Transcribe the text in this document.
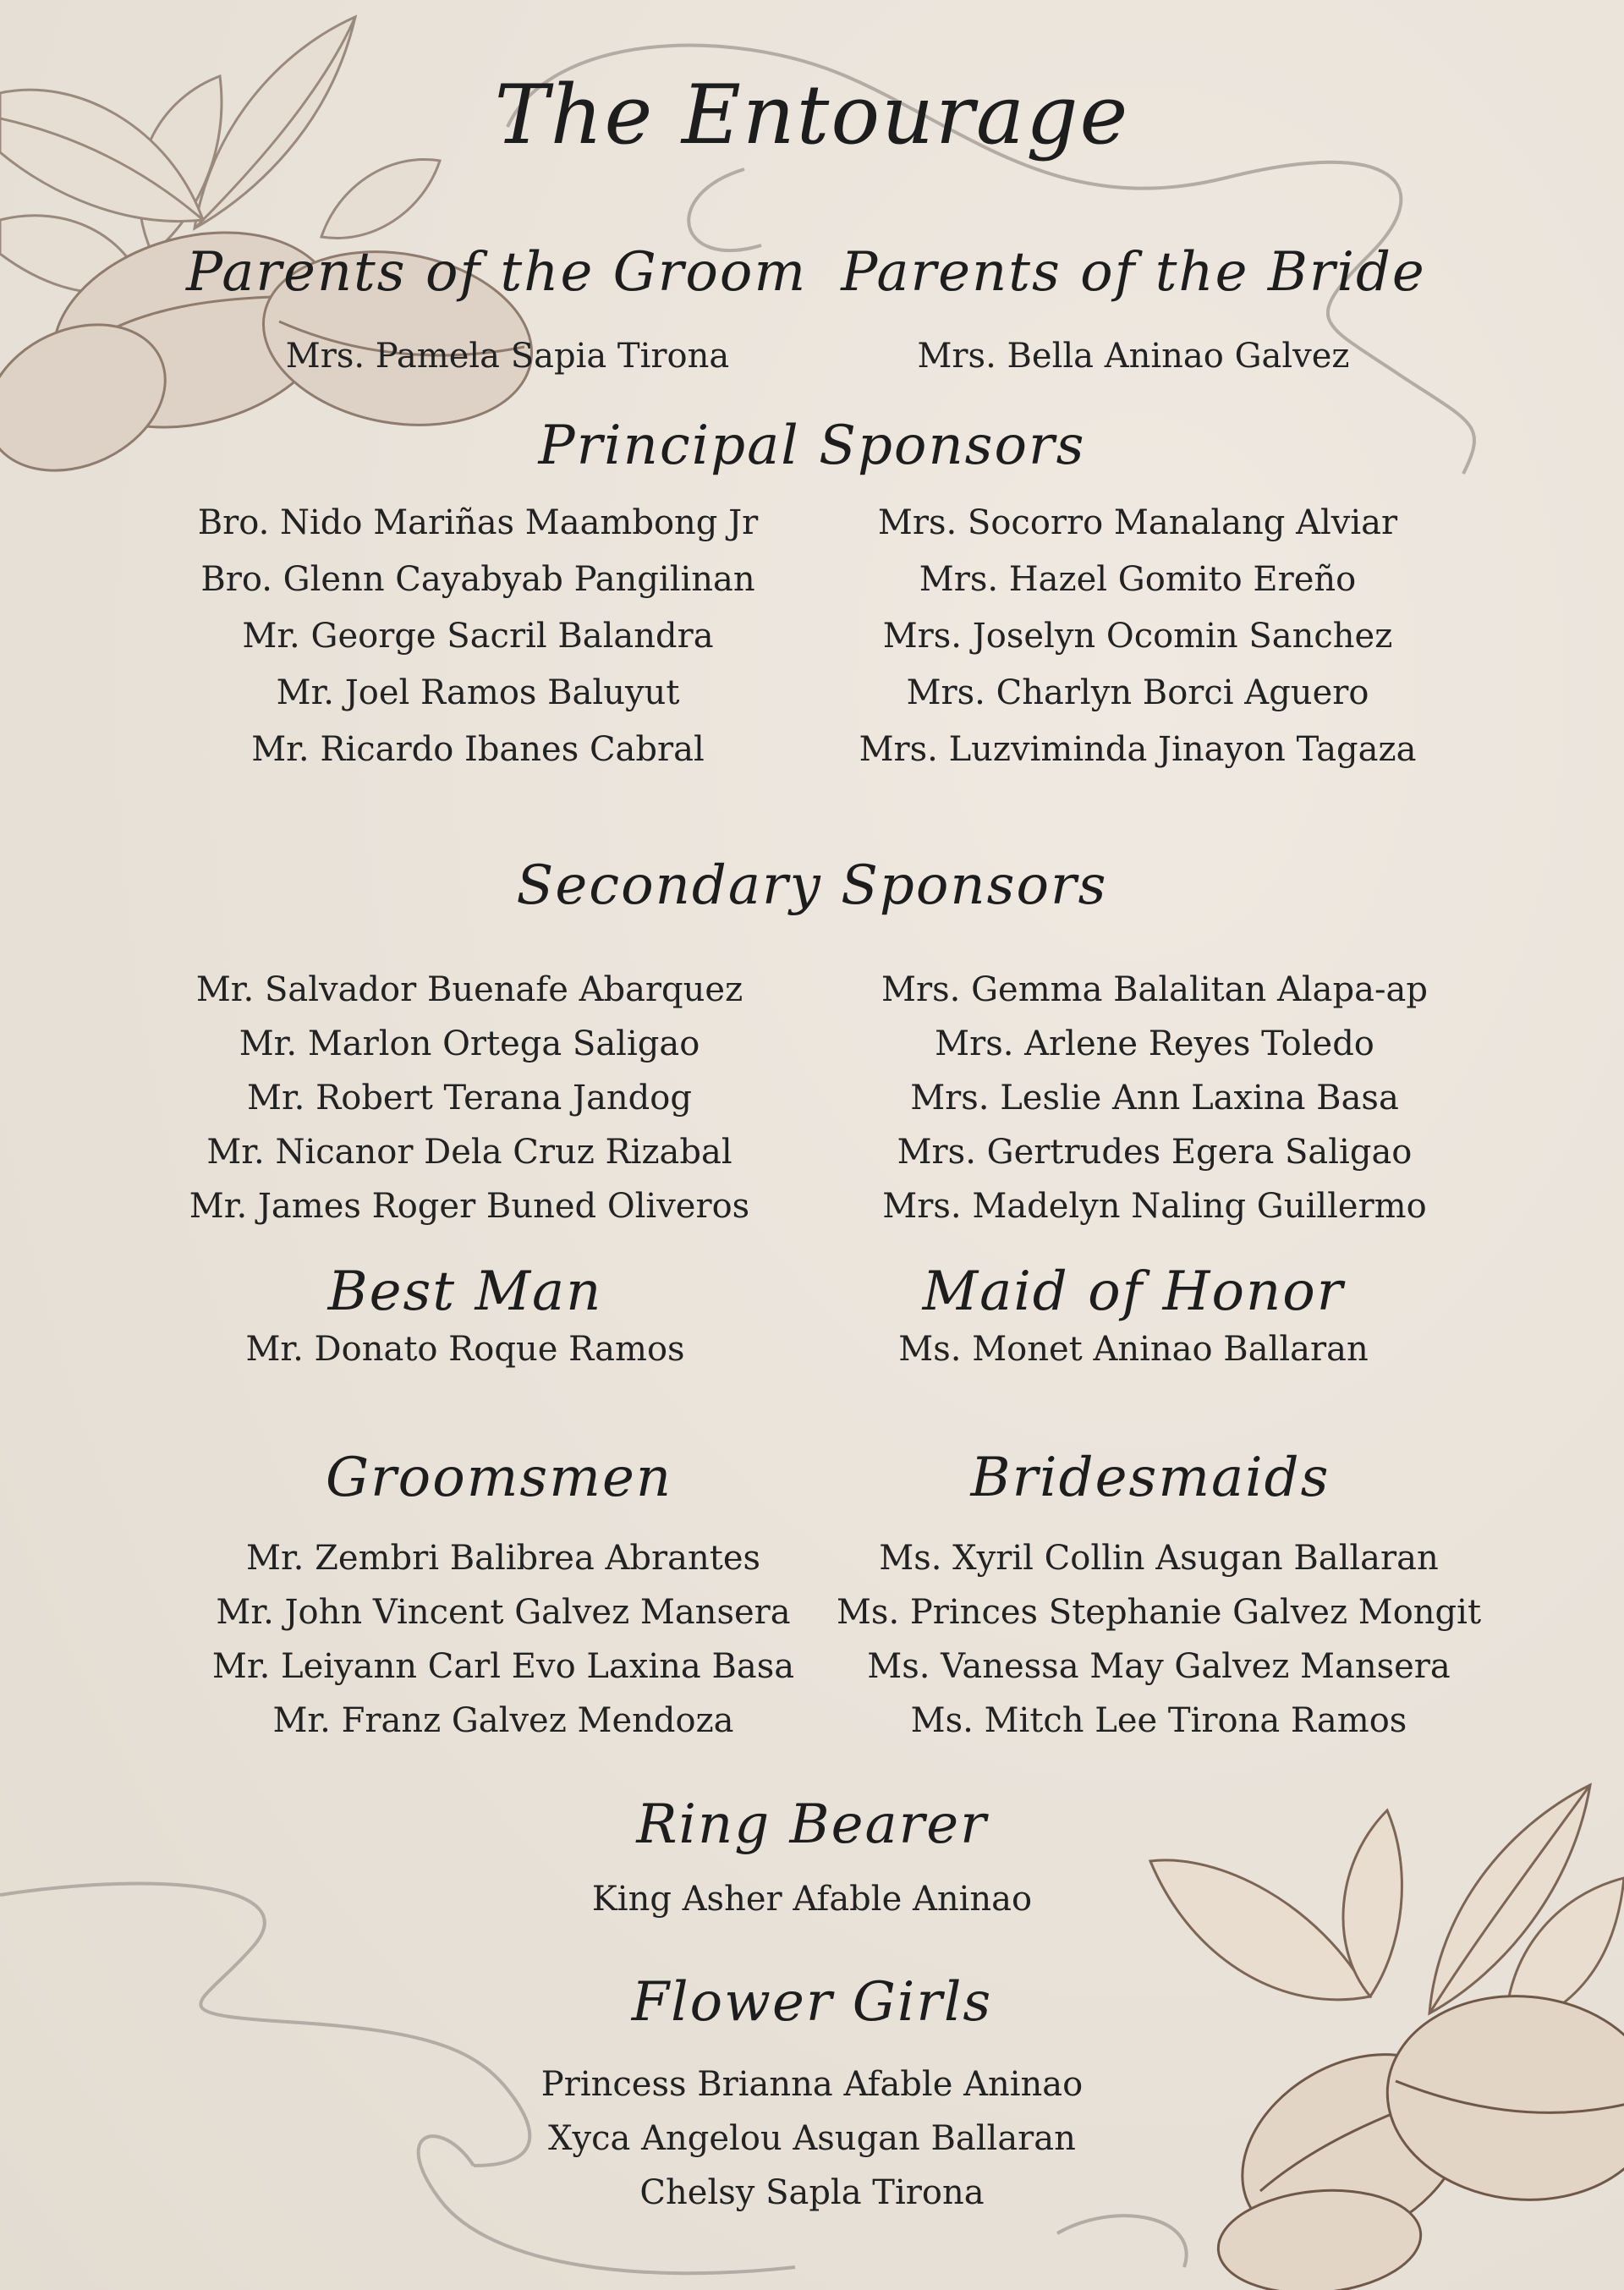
The Entourage
Parents of the Groom
Mrs. Pamela Sapia Tirona
Parents of the Bride
Mrs. Bella Aninao Galvez
Principal Sponsors
Bro. Nido Mariñas Maambong Jr
Bro. Glenn Cayabyab Pangilinan
Mr. George Sacril Balandra
Mr. Joel Ramos Baluyut
Mr. Ricardo Ibanes Cabral
Mrs. Socorro Manalang Alviar
Mrs. Hazel Gomito Ereño
Mrs. Joselyn Ocomin Sanchez
Mrs. Charlyn Borci Aguero
Mrs. Luzviminda Jinayon Tagaza
Secondary Sponsors
Mr. Salvador Buenafe Abarquez
Mr. Marlon Ortega Saligao
Mr. Robert Terana Jandog
Mr. Nicanor Dela Cruz Rizabal
Mr. James Roger Buned Oliveros
Mrs. Gemma Balalitan Alapa-ap
Mrs. Arlene Reyes Toledo
Mrs. Leslie Ann Laxina Basa
Mrs. Gertrudes Egera Saligao
Mrs. Madelyn Naling Guillermo
Best Man
Mr. Donato Roque Ramos
Maid of Honor
Ms. Monet Aninao Ballaran
Groomsmen
Mr. Zembri Balibrea Abrantes
Mr. John Vincent Galvez Mansera
Mr. Leiyann Carl Evo Laxina Basa
Mr. Franz Galvez Mendoza
Bridesmaids
Ms. Xyril Collin Asugan Ballaran
Ms. Princes Stephanie Galvez Mongit
Ms. Vanessa May Galvez Mansera
Ms. Mitch Lee Tirona Ramos
Ring Bearer
King Asher Afable Aninao
Flower Girls
Princess Brianna Afable Aninao
Xyca Angelou Asugan Ballaran
Chelsy Sapla Tirona
